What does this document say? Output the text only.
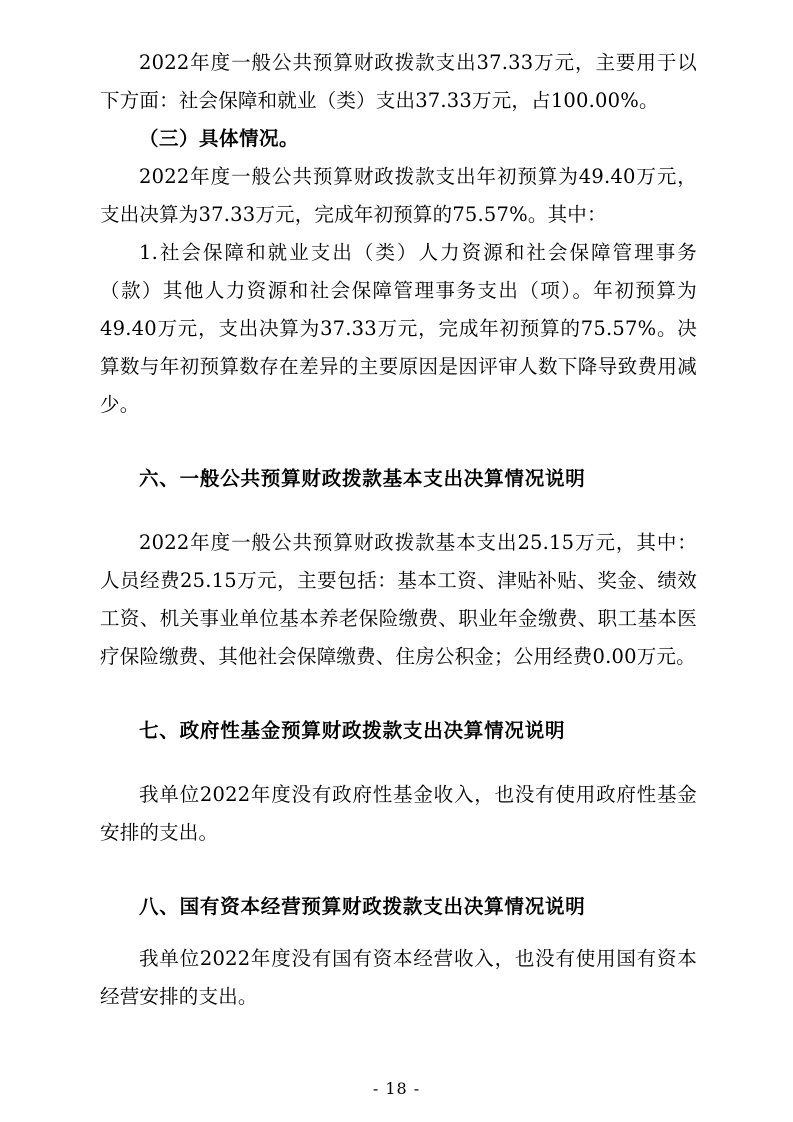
2022年度一般公共预算财政拨款支出37.33万元，主要用于以下方面：社会保障和就业（类）支出37.33万元，占100.00%。

（三）具体情况。

2022年度一般公共预算财政拨款支出年初预算为49.40万元，支出决算为37.33万元，完成年初预算的75.57%。其中：

1.社会保障和就业支出（类）人力资源和社会保障管理事务（款）其他人力资源和社会保障管理事务支出（项）。年初预算为49.40万元，支出决算为37.33万元，完成年初预算的75.57%。决算数与年初预算数存在差异的主要原因是因评审人数下降导致费用减少。

六、一般公共预算财政拨款基本支出决算情况说明

2022年度一般公共预算财政拨款基本支出25.15万元，其中：人员经费25.15万元，主要包括：基本工资、津贴补贴、奖金、绩效工资、机关事业单位基本养老保险缴费、职业年金缴费、职工基本医疗保险缴费、其他社会保障缴费、住房公积金；公用经费0.00万元。

七、政府性基金预算财政拨款支出决算情况说明

我单位2022年度没有政府性基金收入，也没有使用政府性基金安排的支出。

八、国有资本经营预算财政拨款支出决算情况说明

我单位2022年度没有国有资本经营收入，也没有使用国有资本经营安排的支出。

- 18 -
